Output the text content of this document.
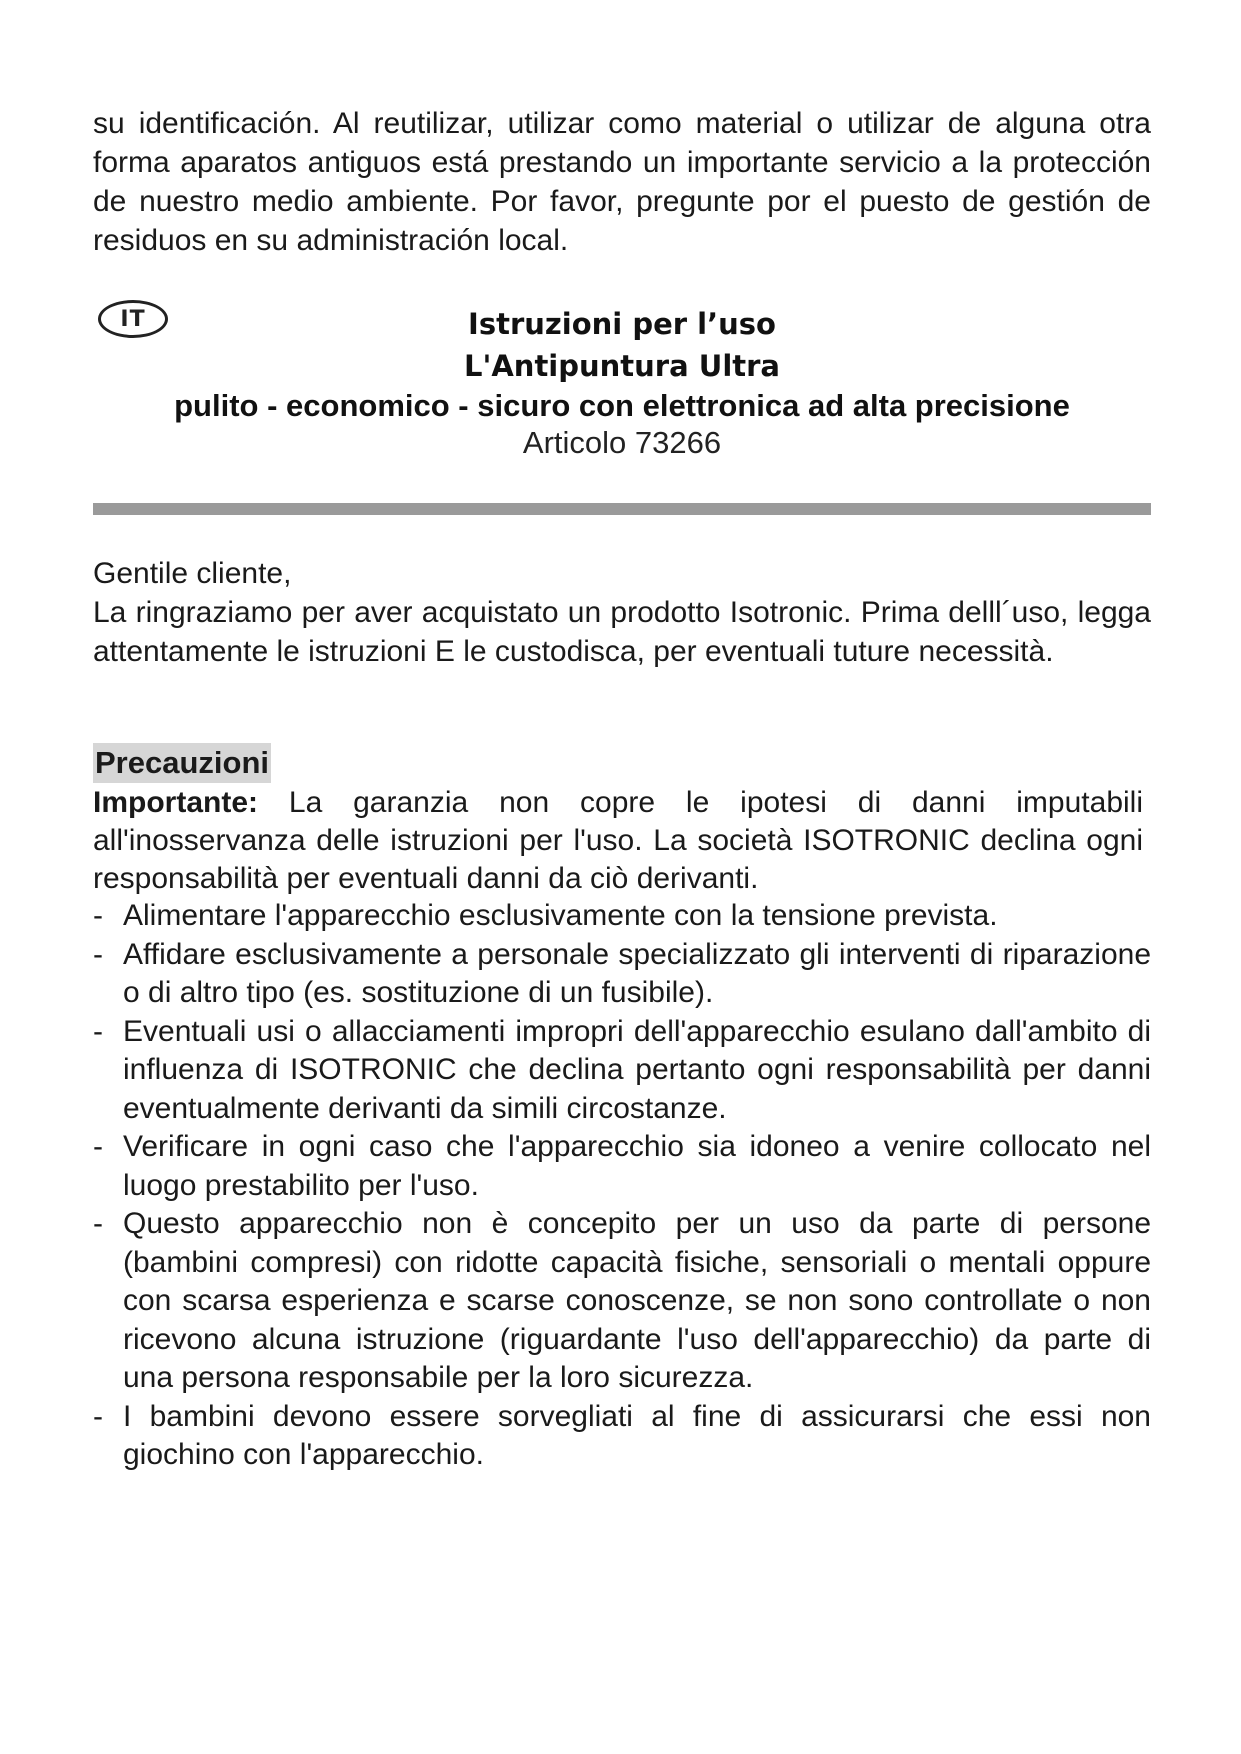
su identificación. Al reutilizar, utilizar como material o utilizar de alguna otra forma aparatos antiguos está prestando un importante servicio a la protección de nuestro medio ambiente. Por favor, pregunte por el puesto de gestión de residuos en su administración local.

IT	Istruzioni per l’uso
L'Antipuntura Ultra
pulito - economico - sicuro con elettronica ad alta precisione
Articolo 73266

Gentile cliente,

La ringraziamo per aver acquistato un prodotto Isotronic. Prima delll´uso, legga attentamente le istruzioni E le custodisca, per eventuali tuture necessità.

Precauzioni
Importante: La garanzia non copre le ipotesi di danni imputabili all'inosservanza delle istruzioni per l'uso. La società ISOTRONIC declina ogni responsabilità per eventuali danni da ciò derivanti.
- Alimentare l'apparecchio esclusivamente con la tensione prevista.
- Affidare esclusivamente a personale specializzato gli interventi di riparazione o di altro tipo (es. sostituzione di un fusibile).
- Eventuali usi o allacciamenti impropri dell'apparecchio esulano dall'ambito di influenza di ISOTRONIC che declina pertanto ogni responsabilità per danni eventualmente derivanti da simili circostanze.
- Verificare in ogni caso che l'apparecchio sia idoneo a venire collocato nel luogo prestabilito per l'uso.
- Questo apparecchio non è concepito per un uso da parte di persone (bambini compresi) con ridotte capacità fisiche, sensoriali o mentali oppure con scarsa esperienza e scarse conoscenze, se non sono controllate o non ricevono alcuna istruzione (riguardante l'uso dell'apparecchio) da parte di una persona responsabile per la loro sicurezza.
- I bambini devono essere sorvegliati al fine di assicurarsi che essi non giochino con l'apparecchio.
